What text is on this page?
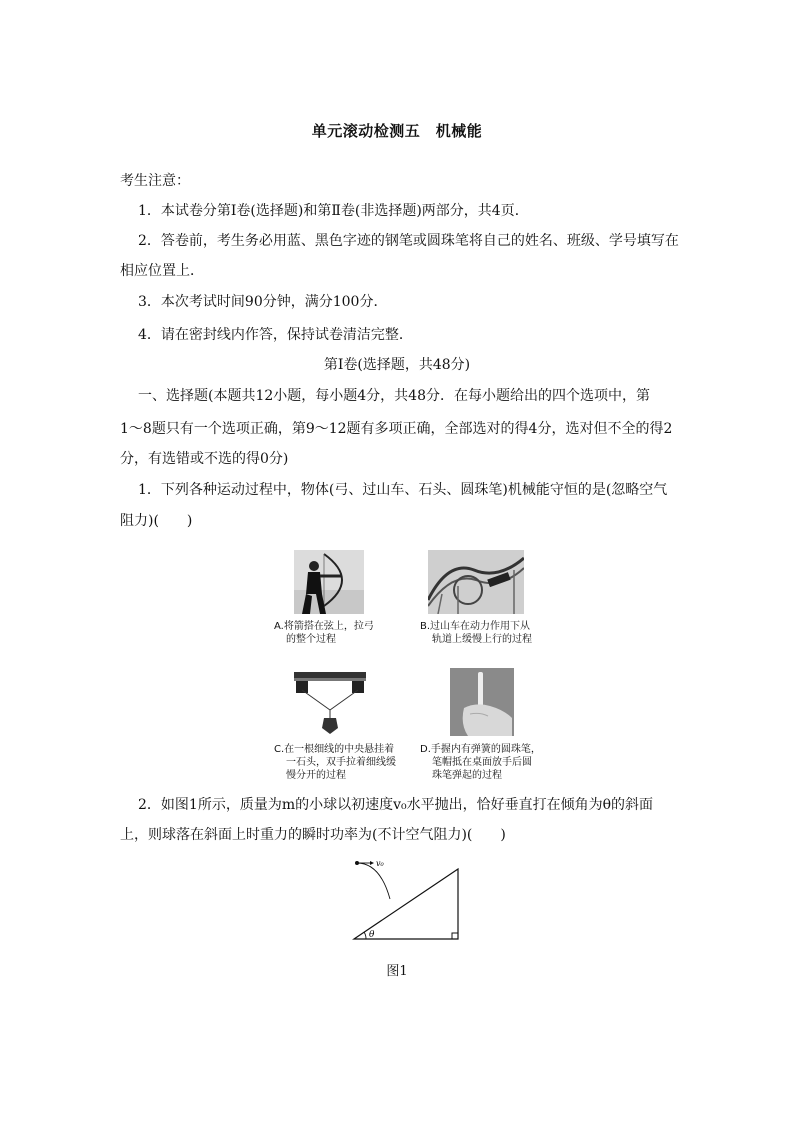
单元滚动检测五　机械能
考生注意：
1．本试卷分第Ⅰ卷(选择题)和第Ⅱ卷(非选择题)两部分，共4页．
2．答卷前，考生务必用蓝、黑色字迹的钢笔或圆珠笔将自己的姓名、班级、学号填写在
相应位置上．
3．本次考试时间90分钟，满分100分．
4．请在密封线内作答，保持试卷清洁完整．
第Ⅰ卷(选择题，共48分)
一、选择题(本题共12小题，每小题4分，共48分．在每小题给出的四个选项中，第
1～8题只有一个选项正确，第9～12题有多项正确，全部选对的得4分，选对但不全的得2
分，有选错或不选的得0分)
1．下列各种运动过程中，物体(弓、过山车、石头、圆珠笔)机械能守恒的是(忽略空气
阻力)(　　)
A.将箭搭在弦上，拉弓
的整个过程
B.过山车在动力作用下从
轨道上缓慢上行的过程
C.在一根细线的中央悬挂着
一石头，双手拉着细线缓
慢分开的过程
D.手握内有弹簧的圆珠笔，
笔帽抵在桌面放手后圆
珠笔弹起的过程
2．如图1所示，质量为m的小球以初速度v₀水平抛出，恰好垂直打在倾角为θ的斜面
上，则球落在斜面上时重力的瞬时功率为(不计空气阻力)(　　)
v₀
θ
图1
